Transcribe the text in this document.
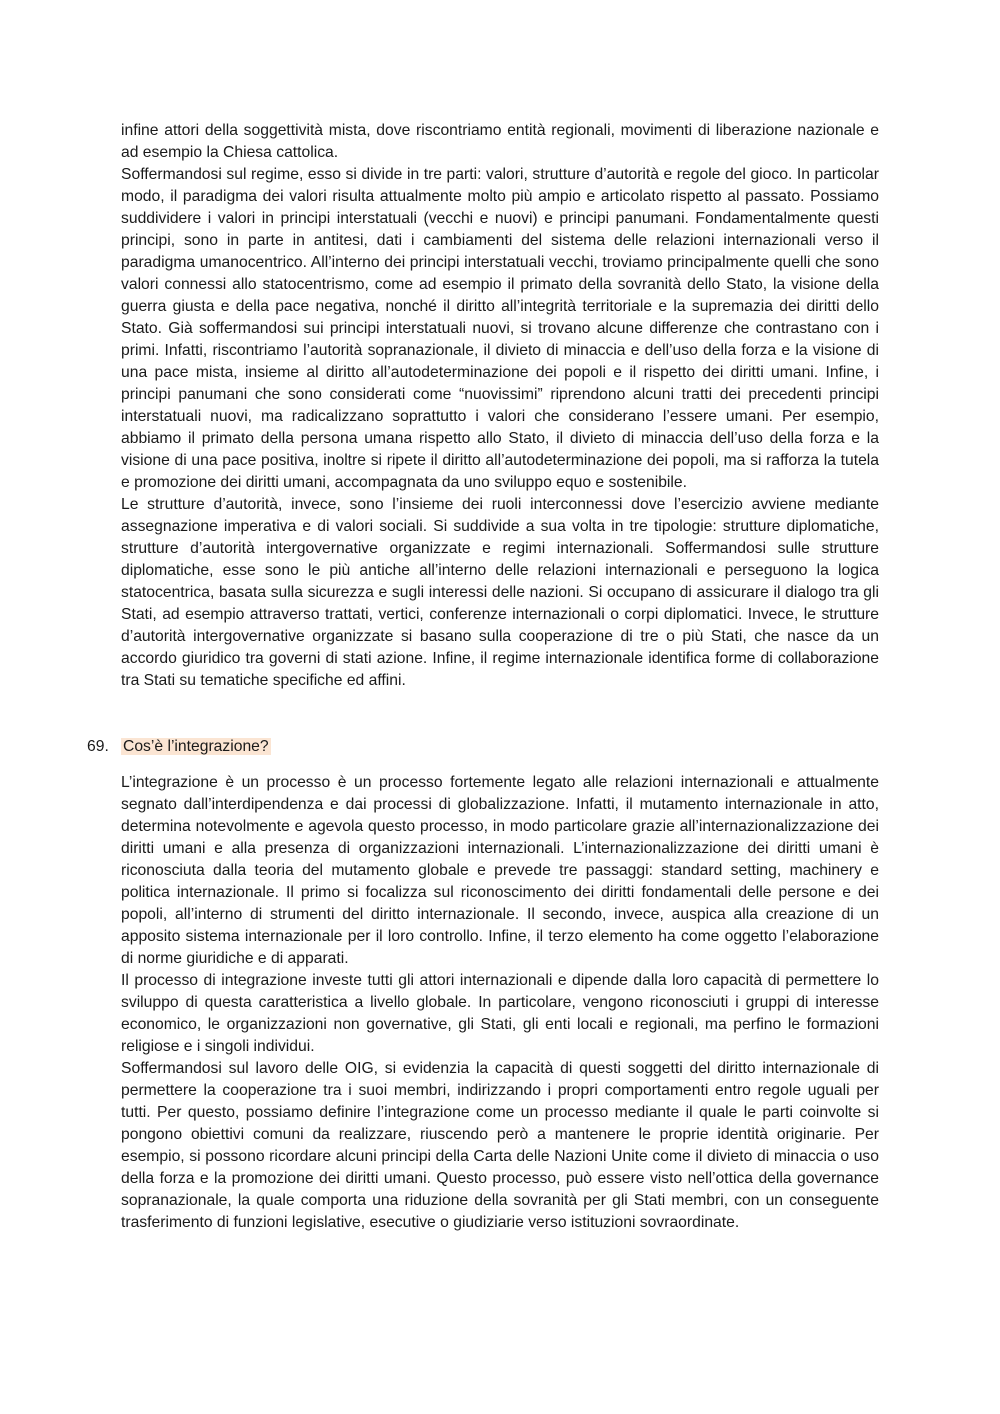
infine attori della soggettività mista, dove riscontriamo entità regionali, movimenti di liberazione nazionale e ad esempio la Chiesa cattolica.

Soffermandosi sul regime, esso si divide in tre parti: valori, strutture d’autorità e regole del gioco. In particolar modo, il paradigma dei valori risulta attualmente molto più ampio e articolato rispetto al passato. Possiamo suddividere i valori in principi interstatuali (vecchi e nuovi) e principi panumani. Fondamentalmente questi principi, sono in parte in antitesi, dati i cambiamenti del sistema delle relazioni internazionali verso il paradigma umanocentrico. All’interno dei principi interstatuali vecchi, troviamo principalmente quelli che sono valori connessi allo statocentrismo, come ad esempio il primato della sovranità dello Stato, la visione della guerra giusta e della pace negativa, nonché il diritto all’integrità territoriale e la supremazia dei diritti dello Stato. Già soffermandosi sui principi interstatuali nuovi, si trovano alcune differenze che contrastano con i primi. Infatti, riscontriamo l’autorità sopranazionale, il divieto di minaccia e dell’uso della forza e la visione di una pace mista, insieme al diritto all’autodeterminazione dei popoli e il rispetto dei diritti umani. Infine, i principi panumani che sono considerati come “nuovissimi” riprendono alcuni tratti dei precedenti principi interstatuali nuovi, ma radicalizzano soprattutto i valori che considerano l’essere umani. Per esempio, abbiamo il primato della persona umana rispetto allo Stato, il divieto di minaccia dell’uso della forza e la visione di una pace positiva, inoltre si ripete il diritto all’autodeterminazione dei popoli, ma si rafforza la tutela e promozione dei diritti umani, accompagnata da uno sviluppo equo e sostenibile.

Le strutture d’autorità, invece, sono l’insieme dei ruoli interconnessi dove l’esercizio avviene mediante assegnazione imperativa e di valori sociali. Si suddivide a sua volta in tre tipologie: strutture diplomatiche, strutture d’autorità intergovernative organizzate e regimi internazionali. Soffermandosi sulle strutture diplomatiche, esse sono le più antiche all’interno delle relazioni internazionali e perseguono la logica statocentrica, basata sulla sicurezza e sugli interessi delle nazioni. Si occupano di assicurare il dialogo tra gli Stati, ad esempio attraverso trattati, vertici, conferenze internazionali o corpi diplomatici. Invece, le strutture d’autorità intergovernative organizzate si basano sulla cooperazione di tre o più Stati, che nasce da un accordo giuridico tra governi di stati azione. Infine, il regime internazionale identifica forme di collaborazione tra Stati su tematiche specifiche ed affini.

69. Cos’è l’integrazione?

L’integrazione è un processo è un processo fortemente legato alle relazioni internazionali e attualmente segnato dall’interdipendenza e dai processi di globalizzazione. Infatti, il mutamento internazionale in atto, determina notevolmente e agevola questo processo, in modo particolare grazie all’internazionalizzazione dei diritti umani e alla presenza di organizzazioni internazionali. L’internazionalizzazione dei diritti umani è riconosciuta dalla teoria del mutamento globale e prevede tre passaggi: standard setting, machinery e politica internazionale. Il primo si focalizza sul riconoscimento dei diritti fondamentali delle persone e dei popoli, all’interno di strumenti del diritto internazionale. Il secondo, invece, auspica alla creazione di un apposito sistema internazionale per il loro controllo. Infine, il terzo elemento ha come oggetto l’elaborazione di norme giuridiche e di apparati.

Il processo di integrazione investe tutti gli attori internazionali e dipende dalla loro capacità di permettere lo sviluppo di questa caratteristica a livello globale. In particolare, vengono riconosciuti i gruppi di interesse economico, le organizzazioni non governative, gli Stati, gli enti locali e regionali, ma perfino le formazioni religiose e i singoli individui.

Soffermandosi sul lavoro delle OIG, si evidenzia la capacità di questi soggetti del diritto internazionale di permettere la cooperazione tra i suoi membri, indirizzando i propri comportamenti entro regole uguali per tutti. Per questo, possiamo definire l’integrazione come un processo mediante il quale le parti coinvolte si pongono obiettivi comuni da realizzare, riuscendo però a mantenere le proprie identità originarie. Per esempio, si possono ricordare alcuni principi della Carta delle Nazioni Unite come il divieto di minaccia o uso della forza e la promozione dei diritti umani. Questo processo, può essere visto nell’ottica della governance sopranazionale, la quale comporta una riduzione della sovranità per gli Stati membri, con un conseguente trasferimento di funzioni legislative, esecutive o giudiziarie verso istituzioni sovraordinate.
